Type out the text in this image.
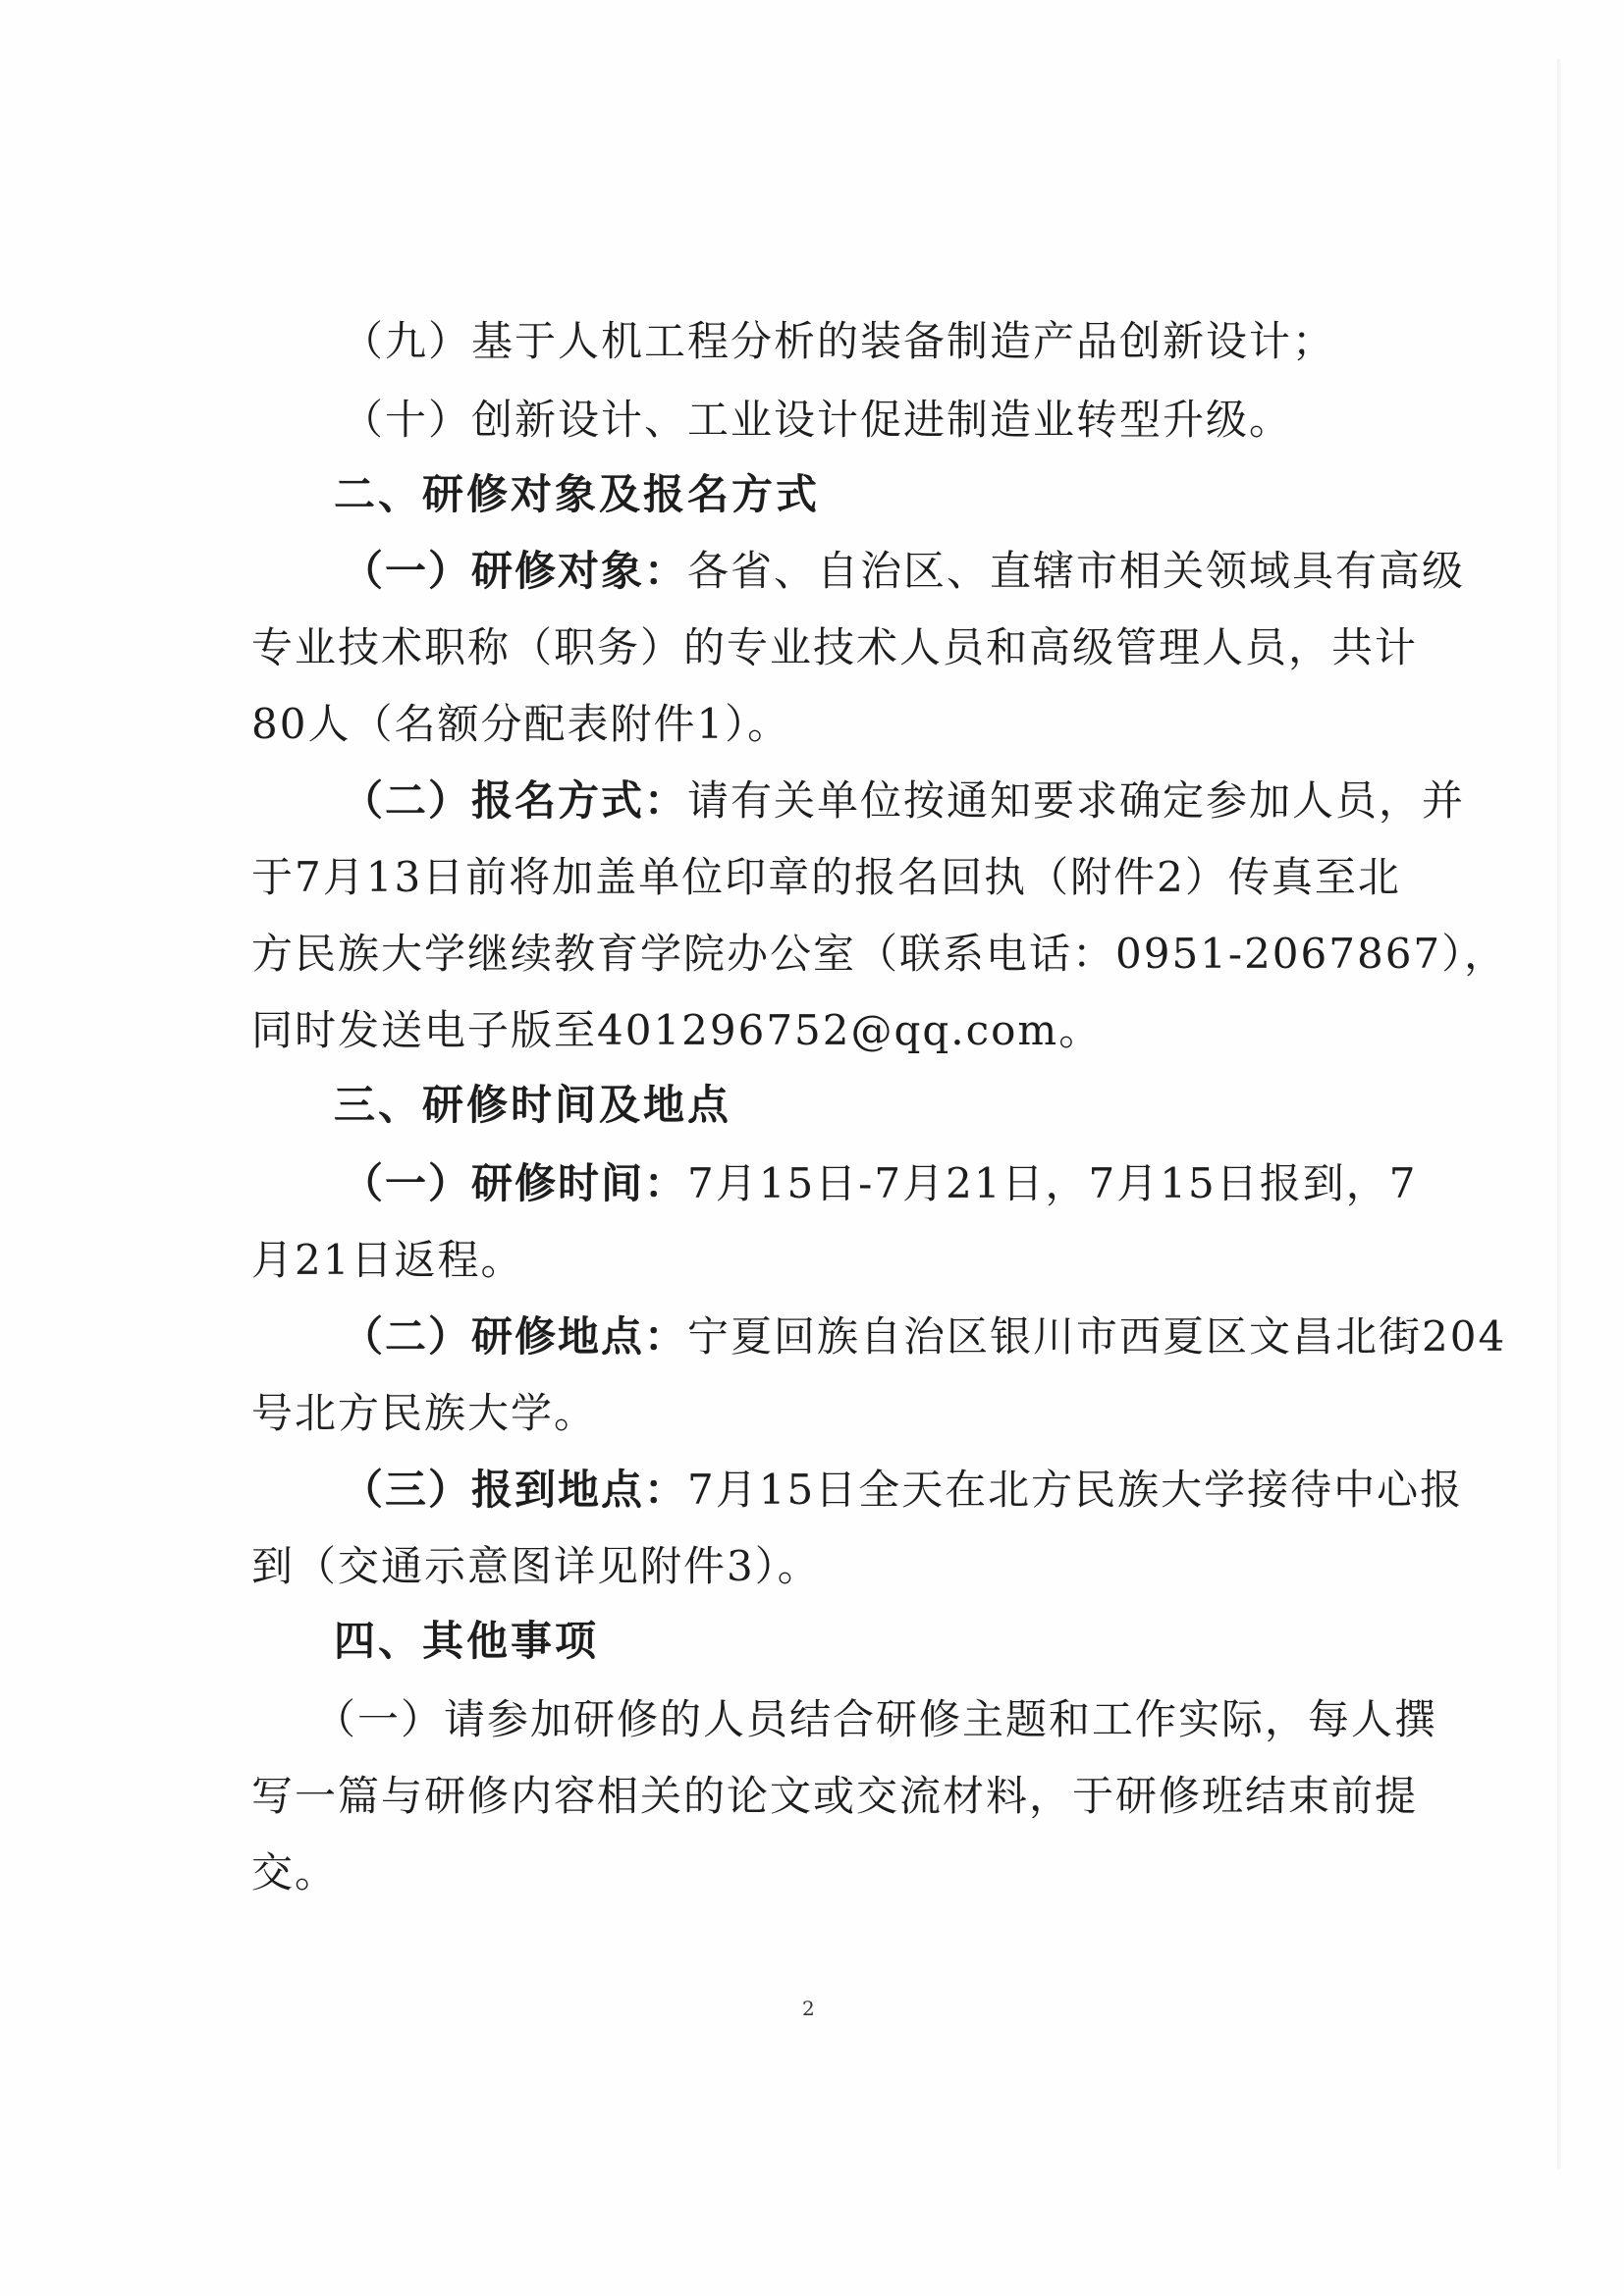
（九）基于人机工程分析的装备制造产品创新设计；
（十）创新设计、工业设计促进制造业转型升级。
二、研修对象及报名方式
（一）研修对象：各省、自治区、直辖市相关领域具有高级
专业技术职称（职务）的专业技术人员和高级管理人员，共计
80人（名额分配表附件1）。
（二）报名方式：请有关单位按通知要求确定参加人员，并
于7月13日前将加盖单位印章的报名回执（附件2）传真至北
方民族大学继续教育学院办公室（联系电话：0951-2067867），
同时发送电子版至401296752@qq.com。
三、研修时间及地点
（一）研修时间：7月15日-7月21日，7月15日报到，7
月21日返程。
（二）研修地点：宁夏回族自治区银川市西夏区文昌北街204
号北方民族大学。
（三）报到地点：7月15日全天在北方民族大学接待中心报
到（交通示意图详见附件3）。
四、其他事项
（一）请参加研修的人员结合研修主题和工作实际，每人撰
写一篇与研修内容相关的论文或交流材料，于研修班结束前提
交。
2
